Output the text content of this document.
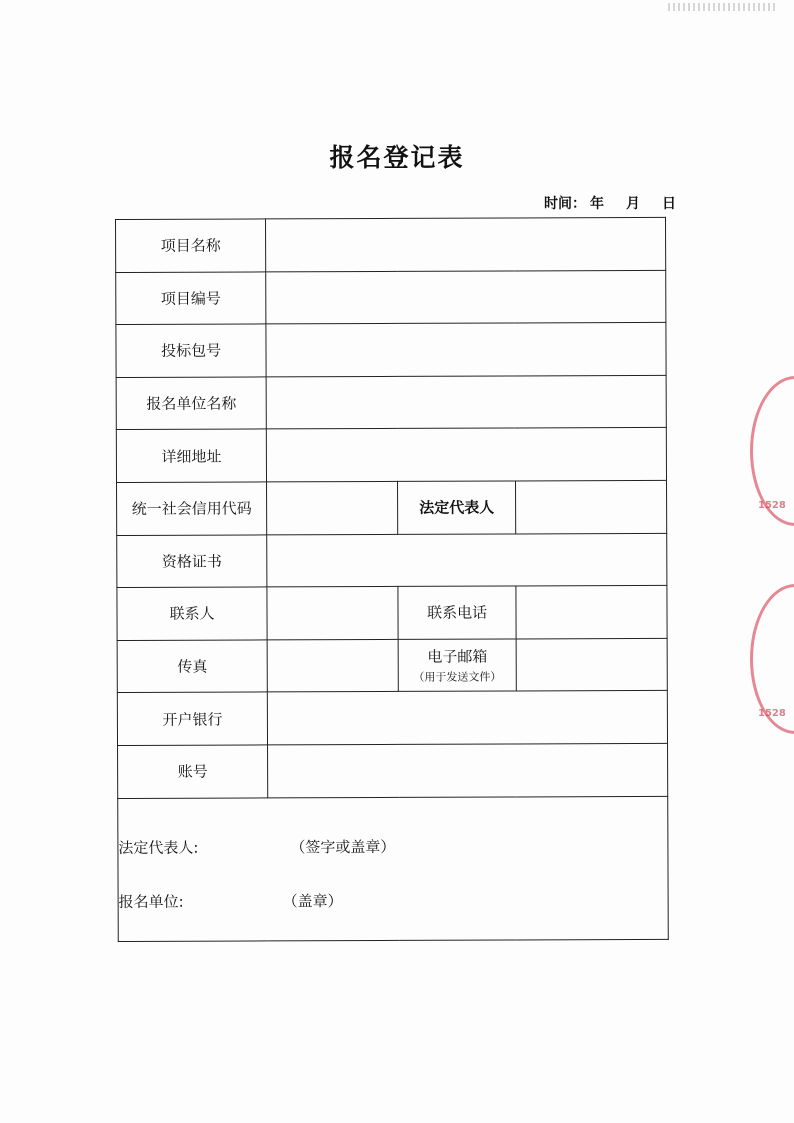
报名登记表
时间： 年 月 日
项目名称			
项目编号			
投标包号			
报名单位名称			
详细地址			
统一社会信用代码		法定代表人	
资格证书			
联系人		联系电话	
传真		电子邮箱
（用于发送文件）	

开户银行			
账号			

法定代表人: （签字或盖章）
报名单位: （盖章）			
1528
1528
